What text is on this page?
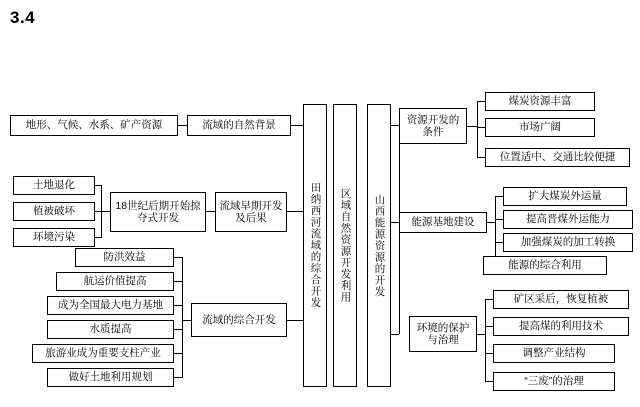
3.4
地形、气候、水系、矿产资源	流域的自然背景
土地退化
植被破坏
环境污染
18世纪后期开始掠夺式开发
流域早期开发及后果
防洪效益
航运价值提高
成为全国最大电力基地
水质提高
旅游业成为重要支柱产业
做好土地利用规划
流域的综合开发
田纳西河流域的综合开发	区域自然资源开发利用	山西能源资源的开发
资源开发的条件
能源基地建设
环境的保护与治理
煤炭资源丰富
市场广阔
位置适中、交通比较便捷
扩大煤炭外运量
提高晋煤外运能力
加强煤炭的加工转换
能源的综合利用
矿区采后，恢复植被
提高煤的利用技术
调整产业结构
“三废”的治理
